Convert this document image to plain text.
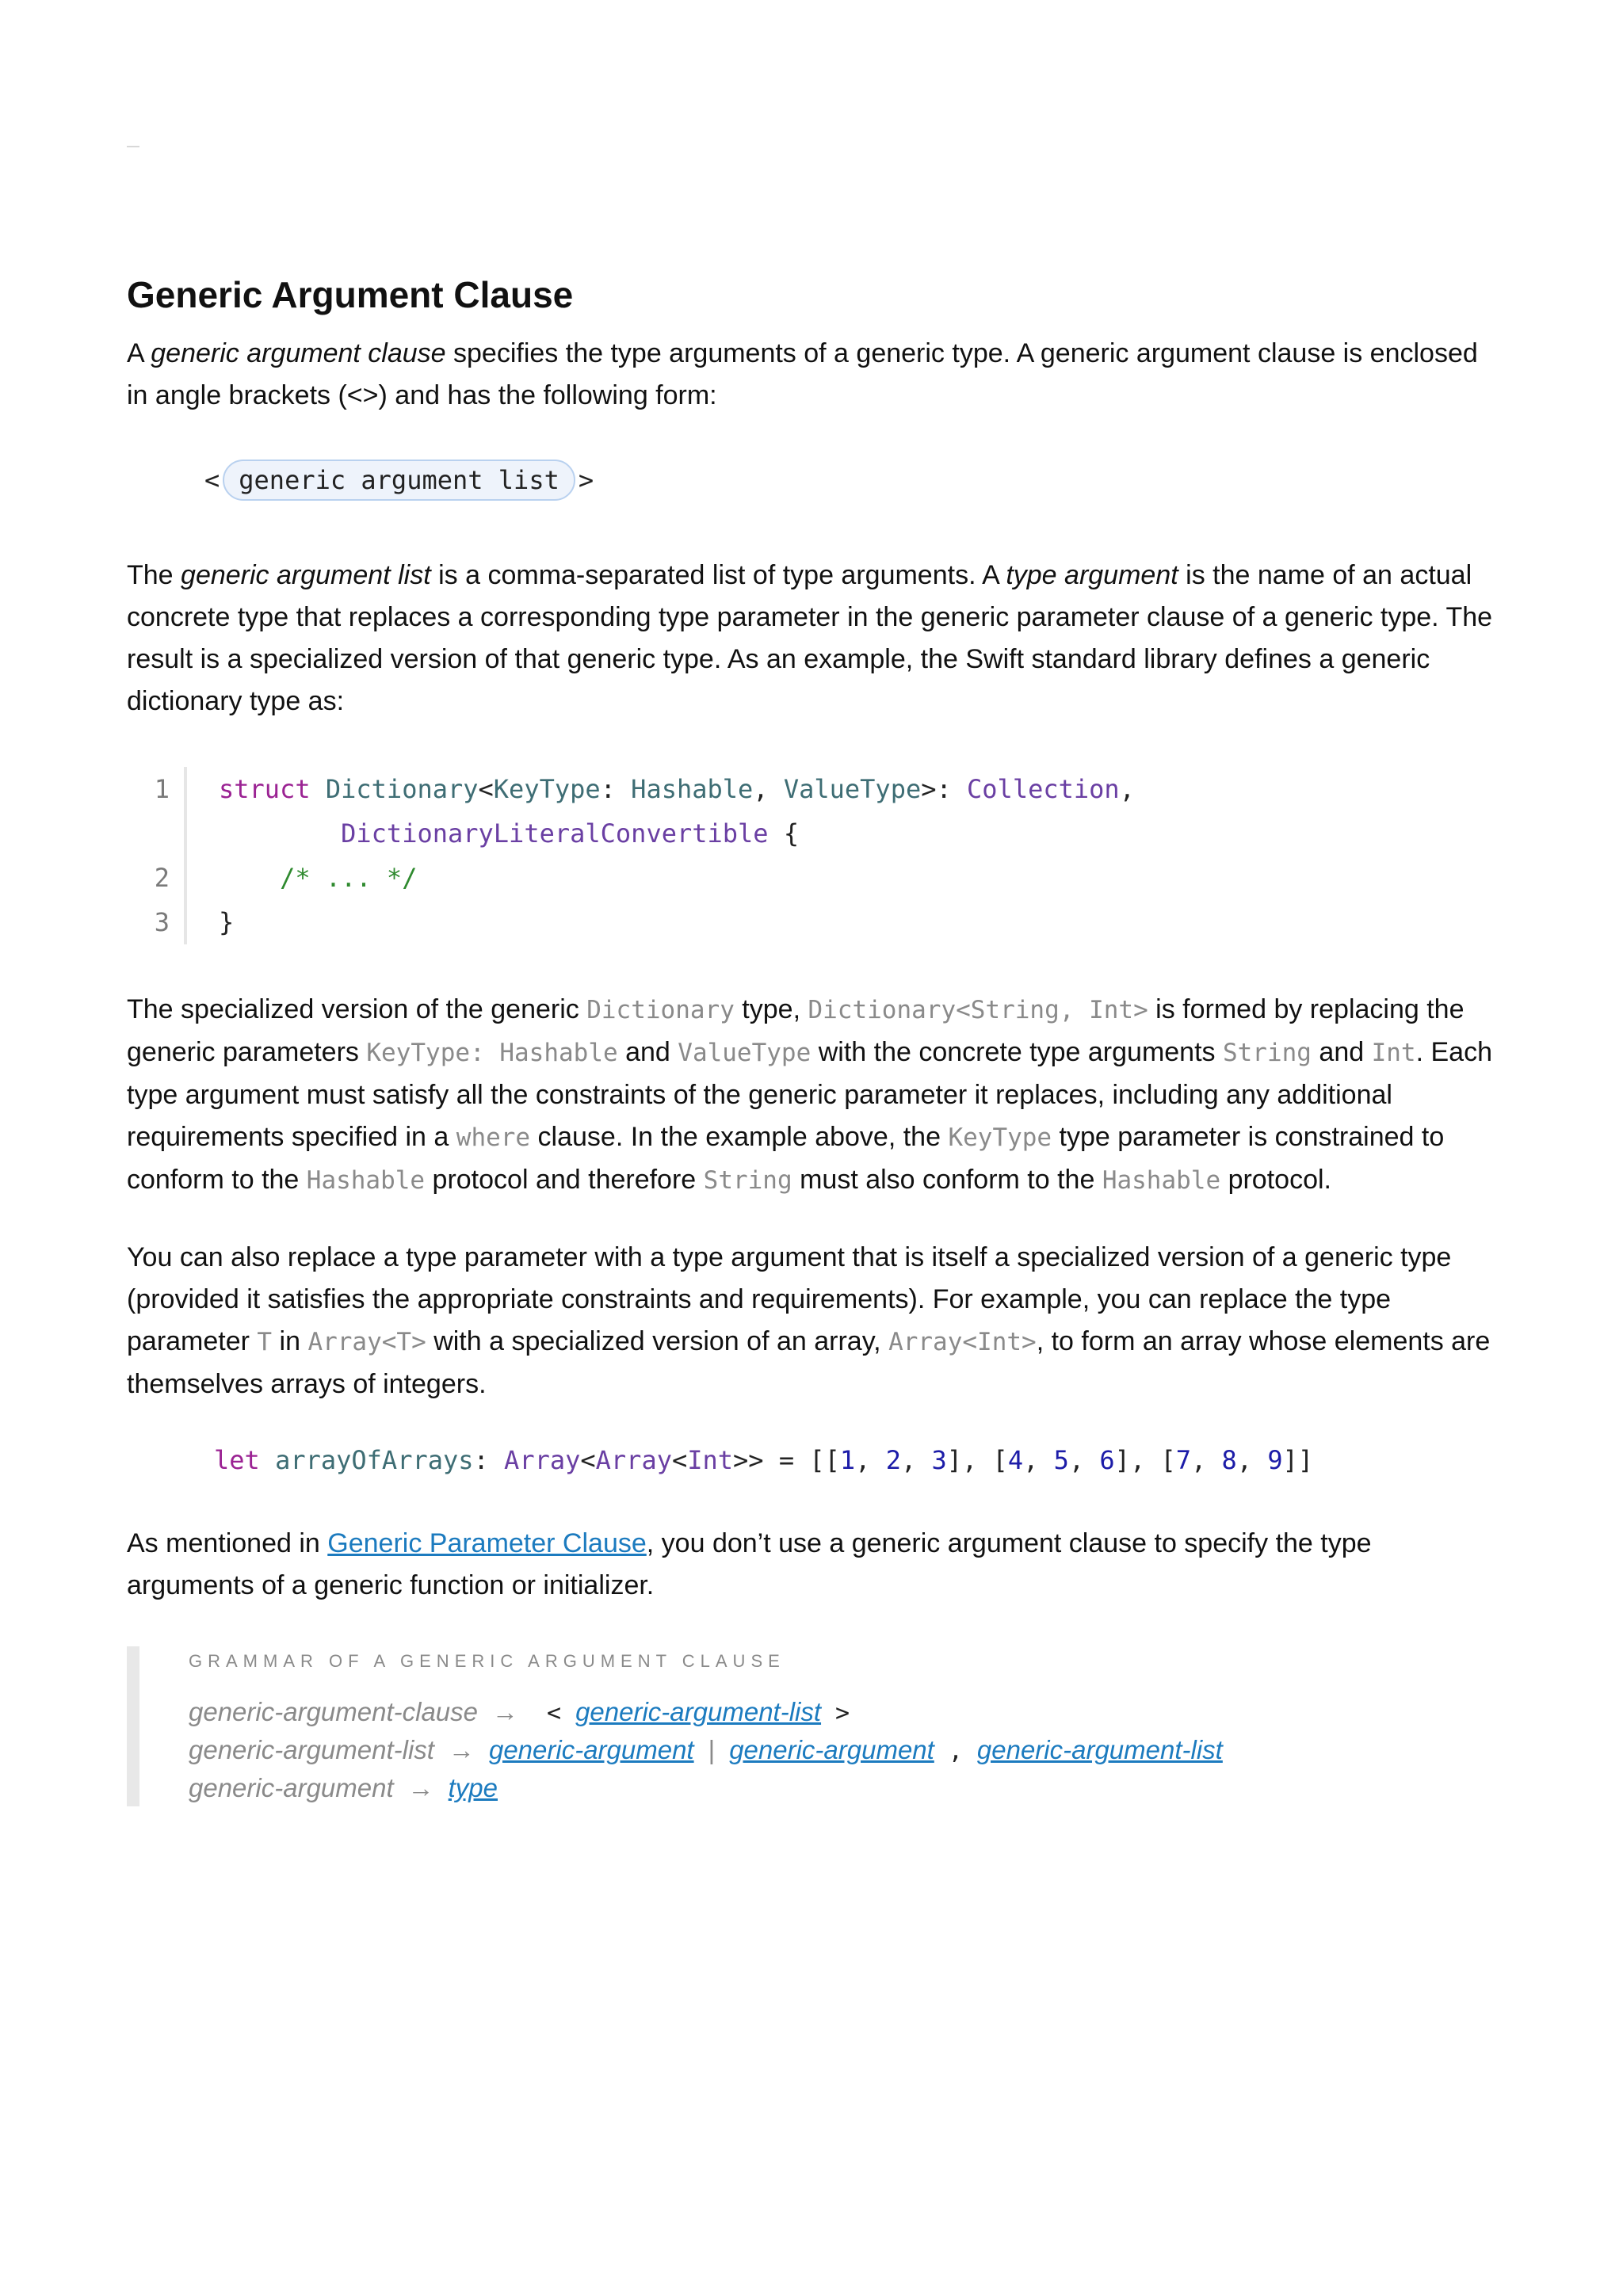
Generic Argument Clause

A generic argument clause specifies the type arguments of a generic type. A generic argument clause is enclosed in angle brackets (<>) and has the following form:

< generic argument list >

The generic argument list is a comma-separated list of type arguments. A type argument is the name of an actual concrete type that replaces a corresponding type parameter in the generic parameter clause of a generic type. The result is a specialized version of that generic type. As an example, the Swift standard library defines a generic dictionary type as:

1	struct Dictionary<KeyType: Hashable, ValueType>: Collection,
DictionaryLiteralConvertible {
2	/* ... */
3	}

The specialized version of the generic Dictionary type, Dictionary<String, Int> is formed by replacing the generic parameters KeyType: Hashable and ValueType with the concrete type arguments String and Int. Each type argument must satisfy all the constraints of the generic parameter it replaces, including any additional requirements specified in a where clause. In the example above, the KeyType type parameter is constrained to conform to the Hashable protocol and therefore String must also conform to the Hashable protocol.

You can also replace a type parameter with a type argument that is itself a specialized version of a generic type (provided it satisfies the appropriate constraints and requirements). For example, you can replace the type parameter T in Array<T> with a specialized version of an array, Array<Int>, to form an array whose elements are themselves arrays of integers.

let arrayOfArrays: Array<Array<Int>> = [[1, 2, 3], [4, 5, 6], [7, 8, 9]]

As mentioned in Generic Parameter Clause, you don’t use a generic argument clause to specify the type arguments of a generic function or initializer.

GRAMMAR OF A GENERIC ARGUMENT CLAUSE
generic-argument-clause → < generic-argument-list >
generic-argument-list → generic-argument | generic-argument , generic-argument-list
generic-argument → type
